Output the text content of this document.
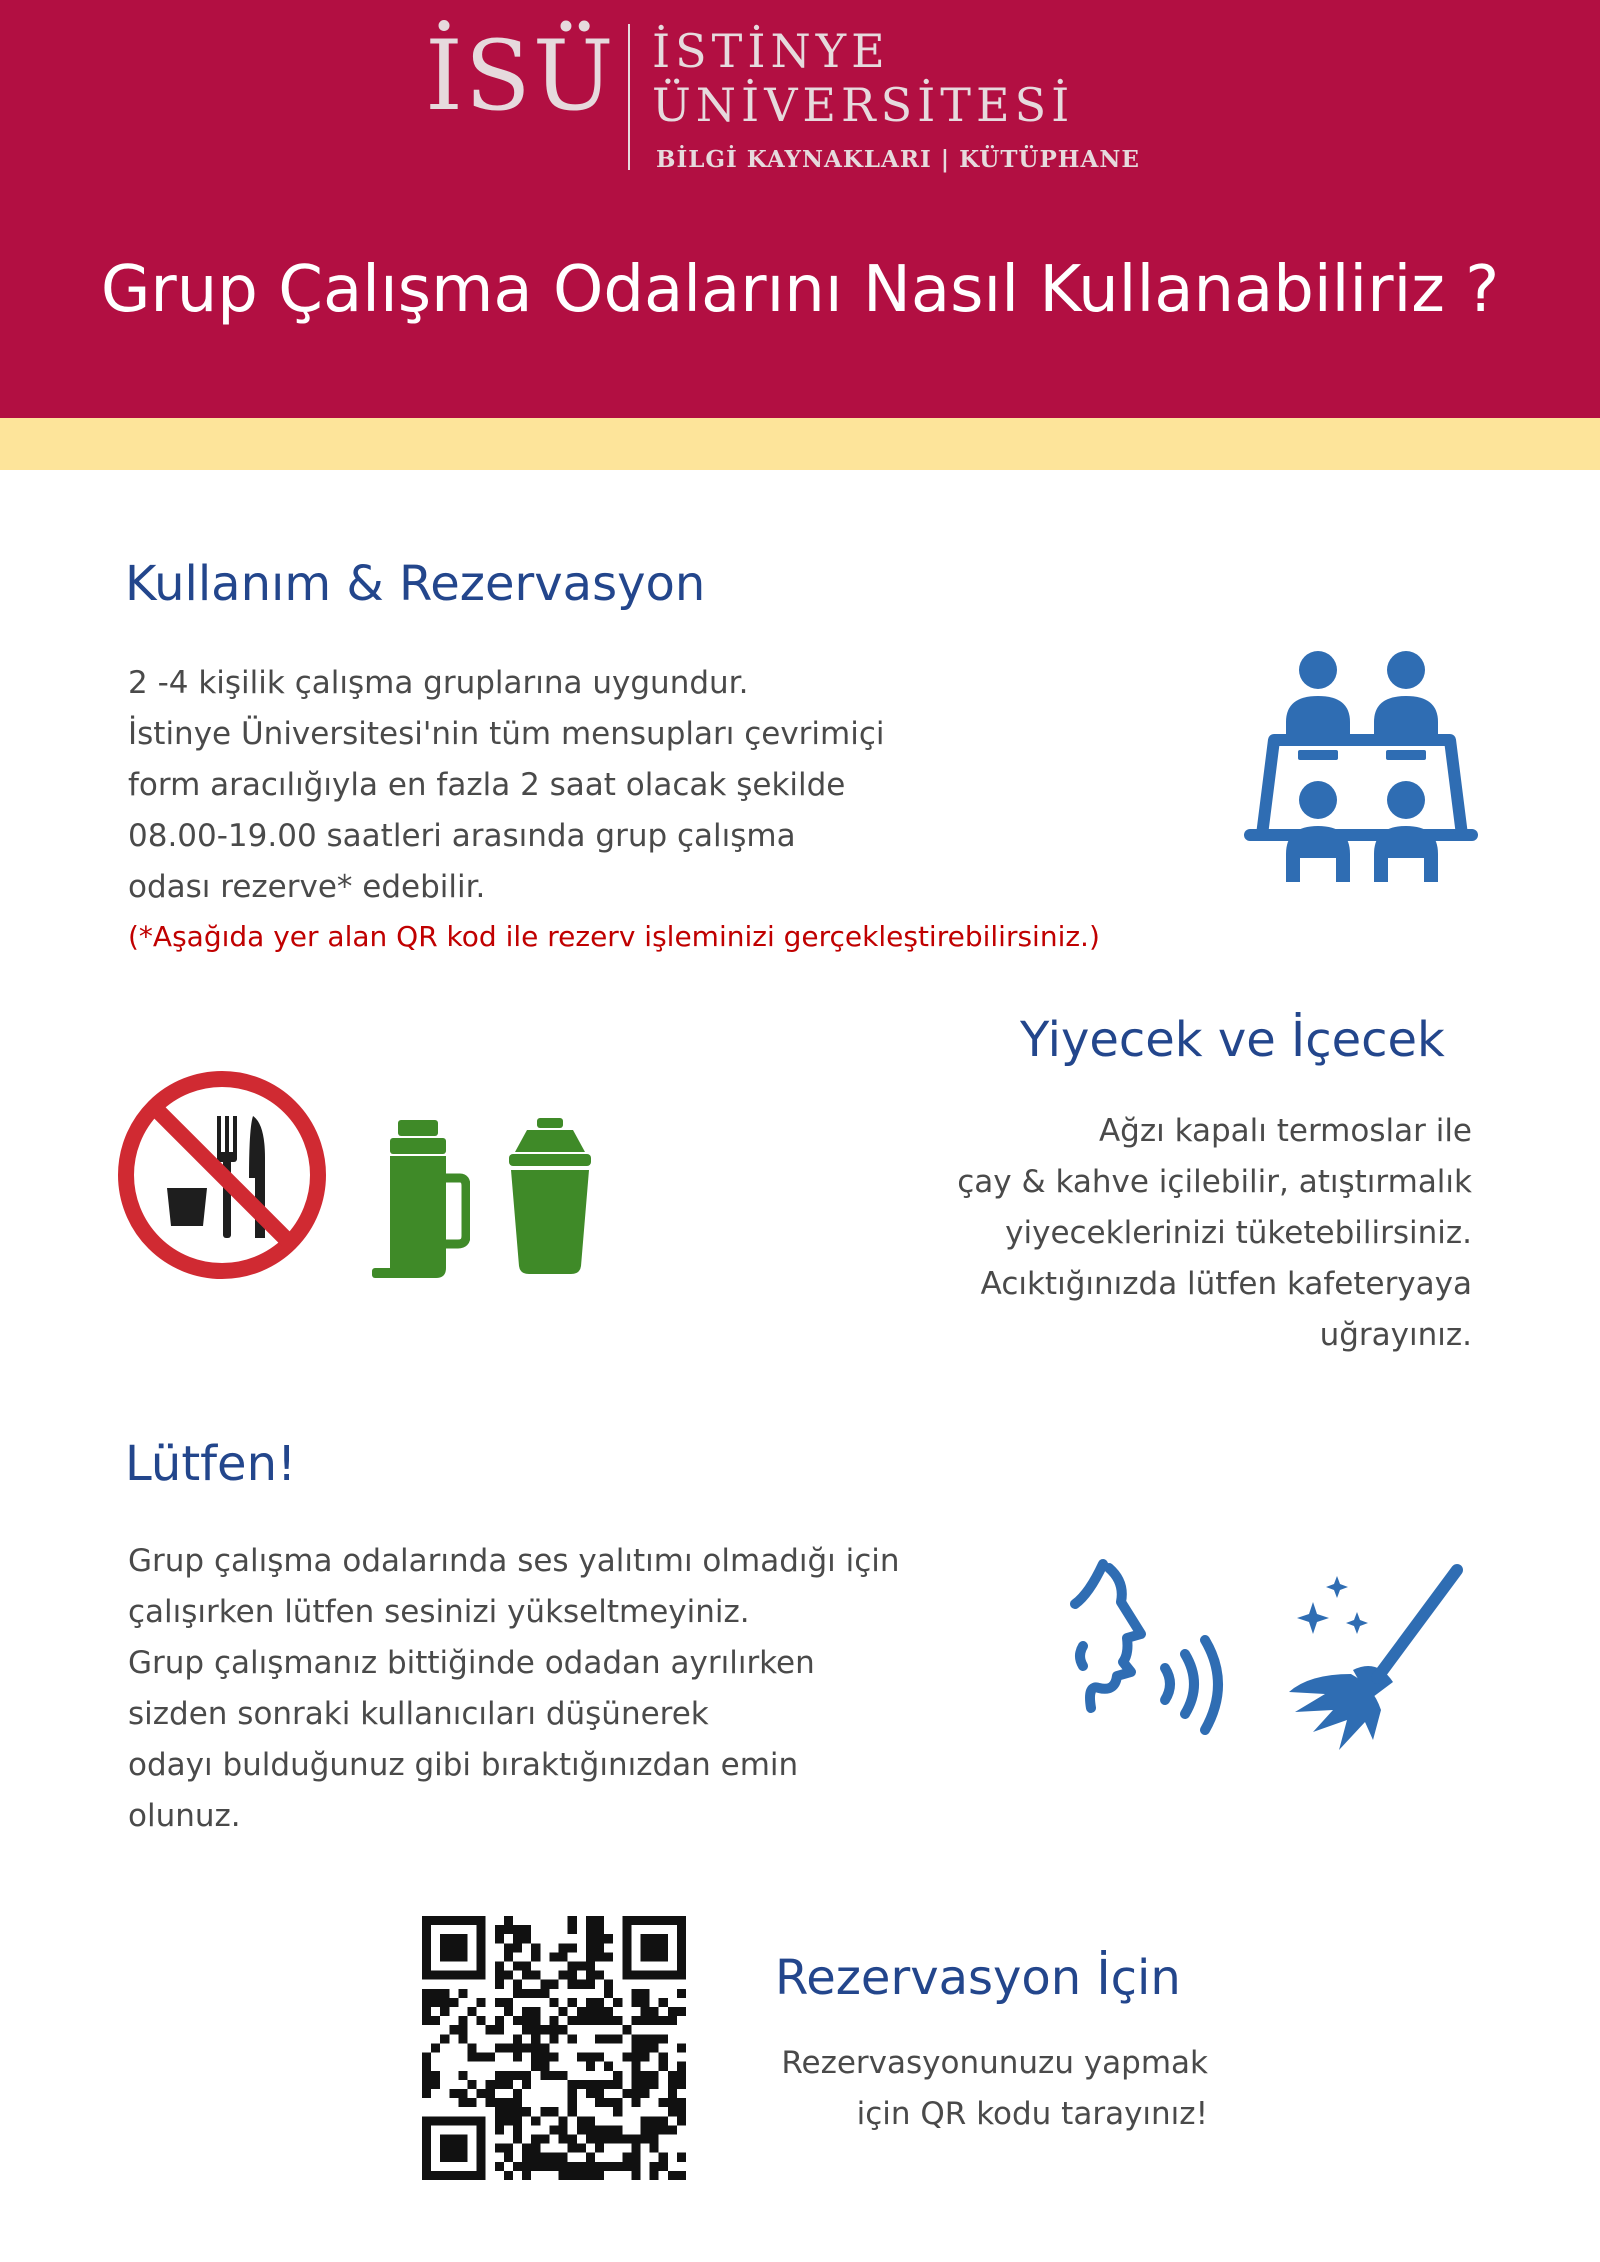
İSÜ İSTİNYE
ÜNİVERSİTESİ
BİLGİ KAYNAKLARI | KÜTÜPHANE
Grup Çalışma Odalarını Nasıl Kullanabiliriz ?
Kullanım & Rezervasyon

2 -4 kişilik çalışma gruplarına uygundur.

İstinye Üniversitesi'nin tüm mensupları çevrimiçi

form aracılığıyla en fazla 2 saat olacak şekilde

08.00-19.00 saatleri arasında grup çalışma

odası rezerve* edebilir.

(*Aşağıda yer alan QR kod ile rezerv işleminizi gerçekleştirebilirsiniz.)
Yiyecek ve İçecek

Ağzı kapalı termoslar ile

çay & kahve içilebilir, atıştırmalık

yiyeceklerinizi tüketebilirsiniz.

Acıktığınızda lütfen kafeteryaya

uğrayınız.

Lütfen!

Grup çalışma odalarında ses yalıtımı olmadığı için

çalışırken lütfen sesinizi yükseltmeyiniz.

Grup çalışmanız bittiğinde odadan ayrılırken

sizden sonraki kullanıcıları düşünerek

odayı bulduğunuz gibi bıraktığınızdan emin

olunuz.

Rezervasyon İçin

Rezervasyonunuzu yapmak

için QR kodu tarayınız!
